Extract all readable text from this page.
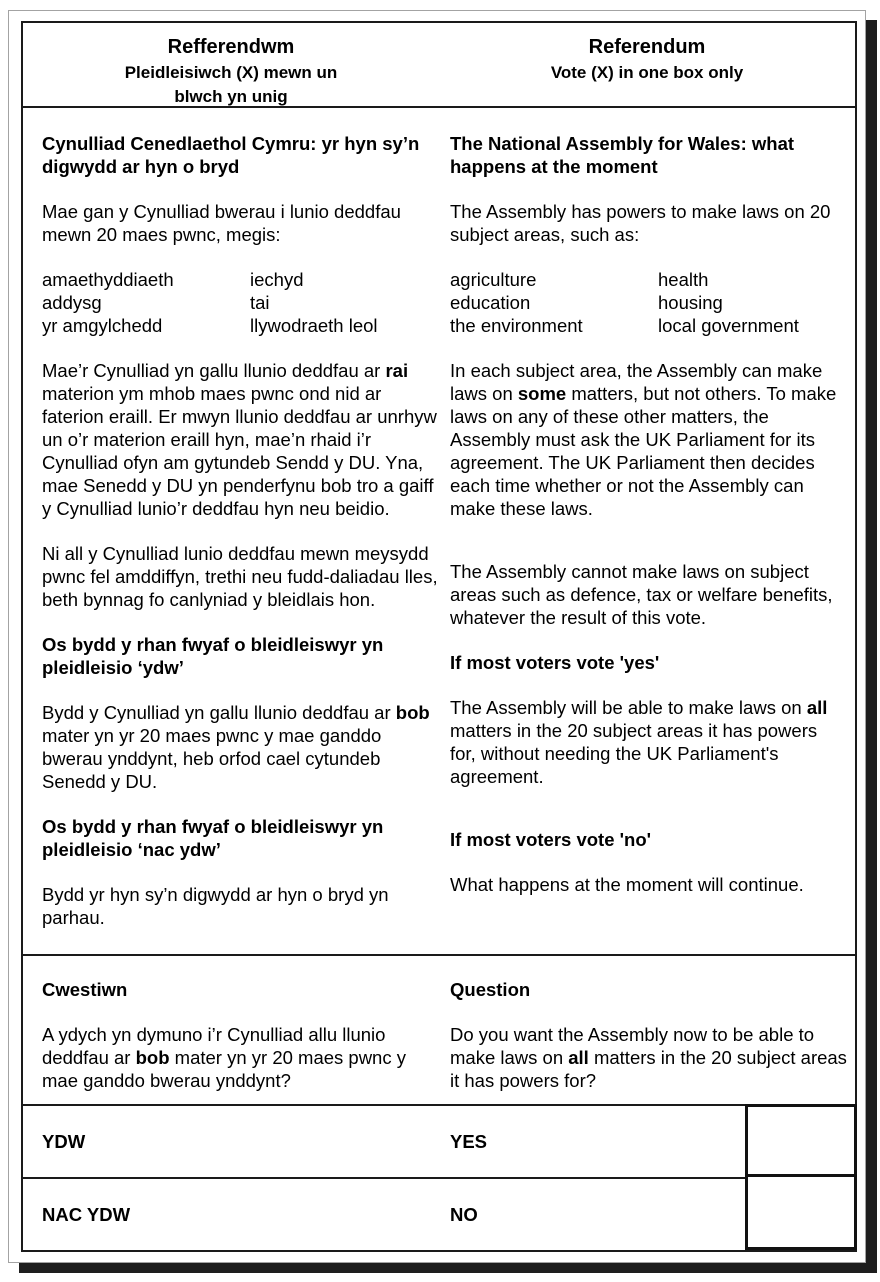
Refferendwm
Pleidleisiwch (X) mewn un blwch yn unig
Referendum
Vote (X) in one box only

Cynulliad Cenedlaethol Cymru: yr hyn sy’n digwydd ar hyn o bryd

Mae gan y Cynulliad bwerau i lunio deddfau mewn 20 maes pwnc, megis:

amaethyddiaeth
addysg
yr amgylchedd
iechyd
tai
llywodraeth leol

Mae’r Cynulliad yn gallu llunio deddfau ar rai materion ym mhob maes pwnc ond nid ar faterion eraill. Er mwyn llunio deddfau ar unrhyw un o’r materion eraill hyn, mae’n rhaid i’r Cynulliad ofyn am gytundeb Sendd y DU. Yna, mae Senedd y DU yn penderfynu bob tro a gaiff y Cynulliad lunio’r deddfau hyn neu beidio.

Ni all y Cynulliad lunio deddfau mewn meysydd pwnc fel amddiffyn, trethi neu fudd-daliadau lles, beth bynnag fo canlyniad y bleidlais hon.

Os bydd y rhan fwyaf o bleidleiswyr yn pleidleisio ‘ydw’

Bydd y Cynulliad yn gallu llunio deddfau ar bob mater yn yr 20 maes pwnc y mae ganddo bwerau ynddynt, heb orfod cael cytundeb Senedd y DU.

Os bydd y rhan fwyaf o bleidleiswyr yn pleidleisio ‘nac ydw’

Bydd yr hyn sy’n digwydd ar hyn o bryd yn parhau.

The National Assembly for Wales: what happens at the moment

The Assembly has powers to make laws on 20 subject areas, such as:

agriculture
education
the environment
health
housing
local government

In each subject area, the Assembly can make laws on some matters, but not others. To make laws on any of these other matters, the Assembly must ask the UK Parliament for its agreement. The UK Parliament then decides each time whether or not the Assembly can make these laws.

The Assembly cannot make laws on subject areas such as defence, tax or welfare benefits, whatever the result of this vote.

If most voters vote 'yes'

The Assembly will be able to make laws on all matters in the 20 subject areas it has powers for, without needing the UK Parliament's agreement.

If most voters vote 'no'

What happens at the moment will continue.

Cwestiwn

A ydych yn dymuno i’r Cynulliad allu llunio deddfau ar bob mater yn yr 20 maes pwnc y mae ganddo bwerau ynddynt?

Question

Do you want the Assembly now to be able to make laws on all matters in the 20 subject areas it has powers for?

YDW	YES
NAC YDW	NO
